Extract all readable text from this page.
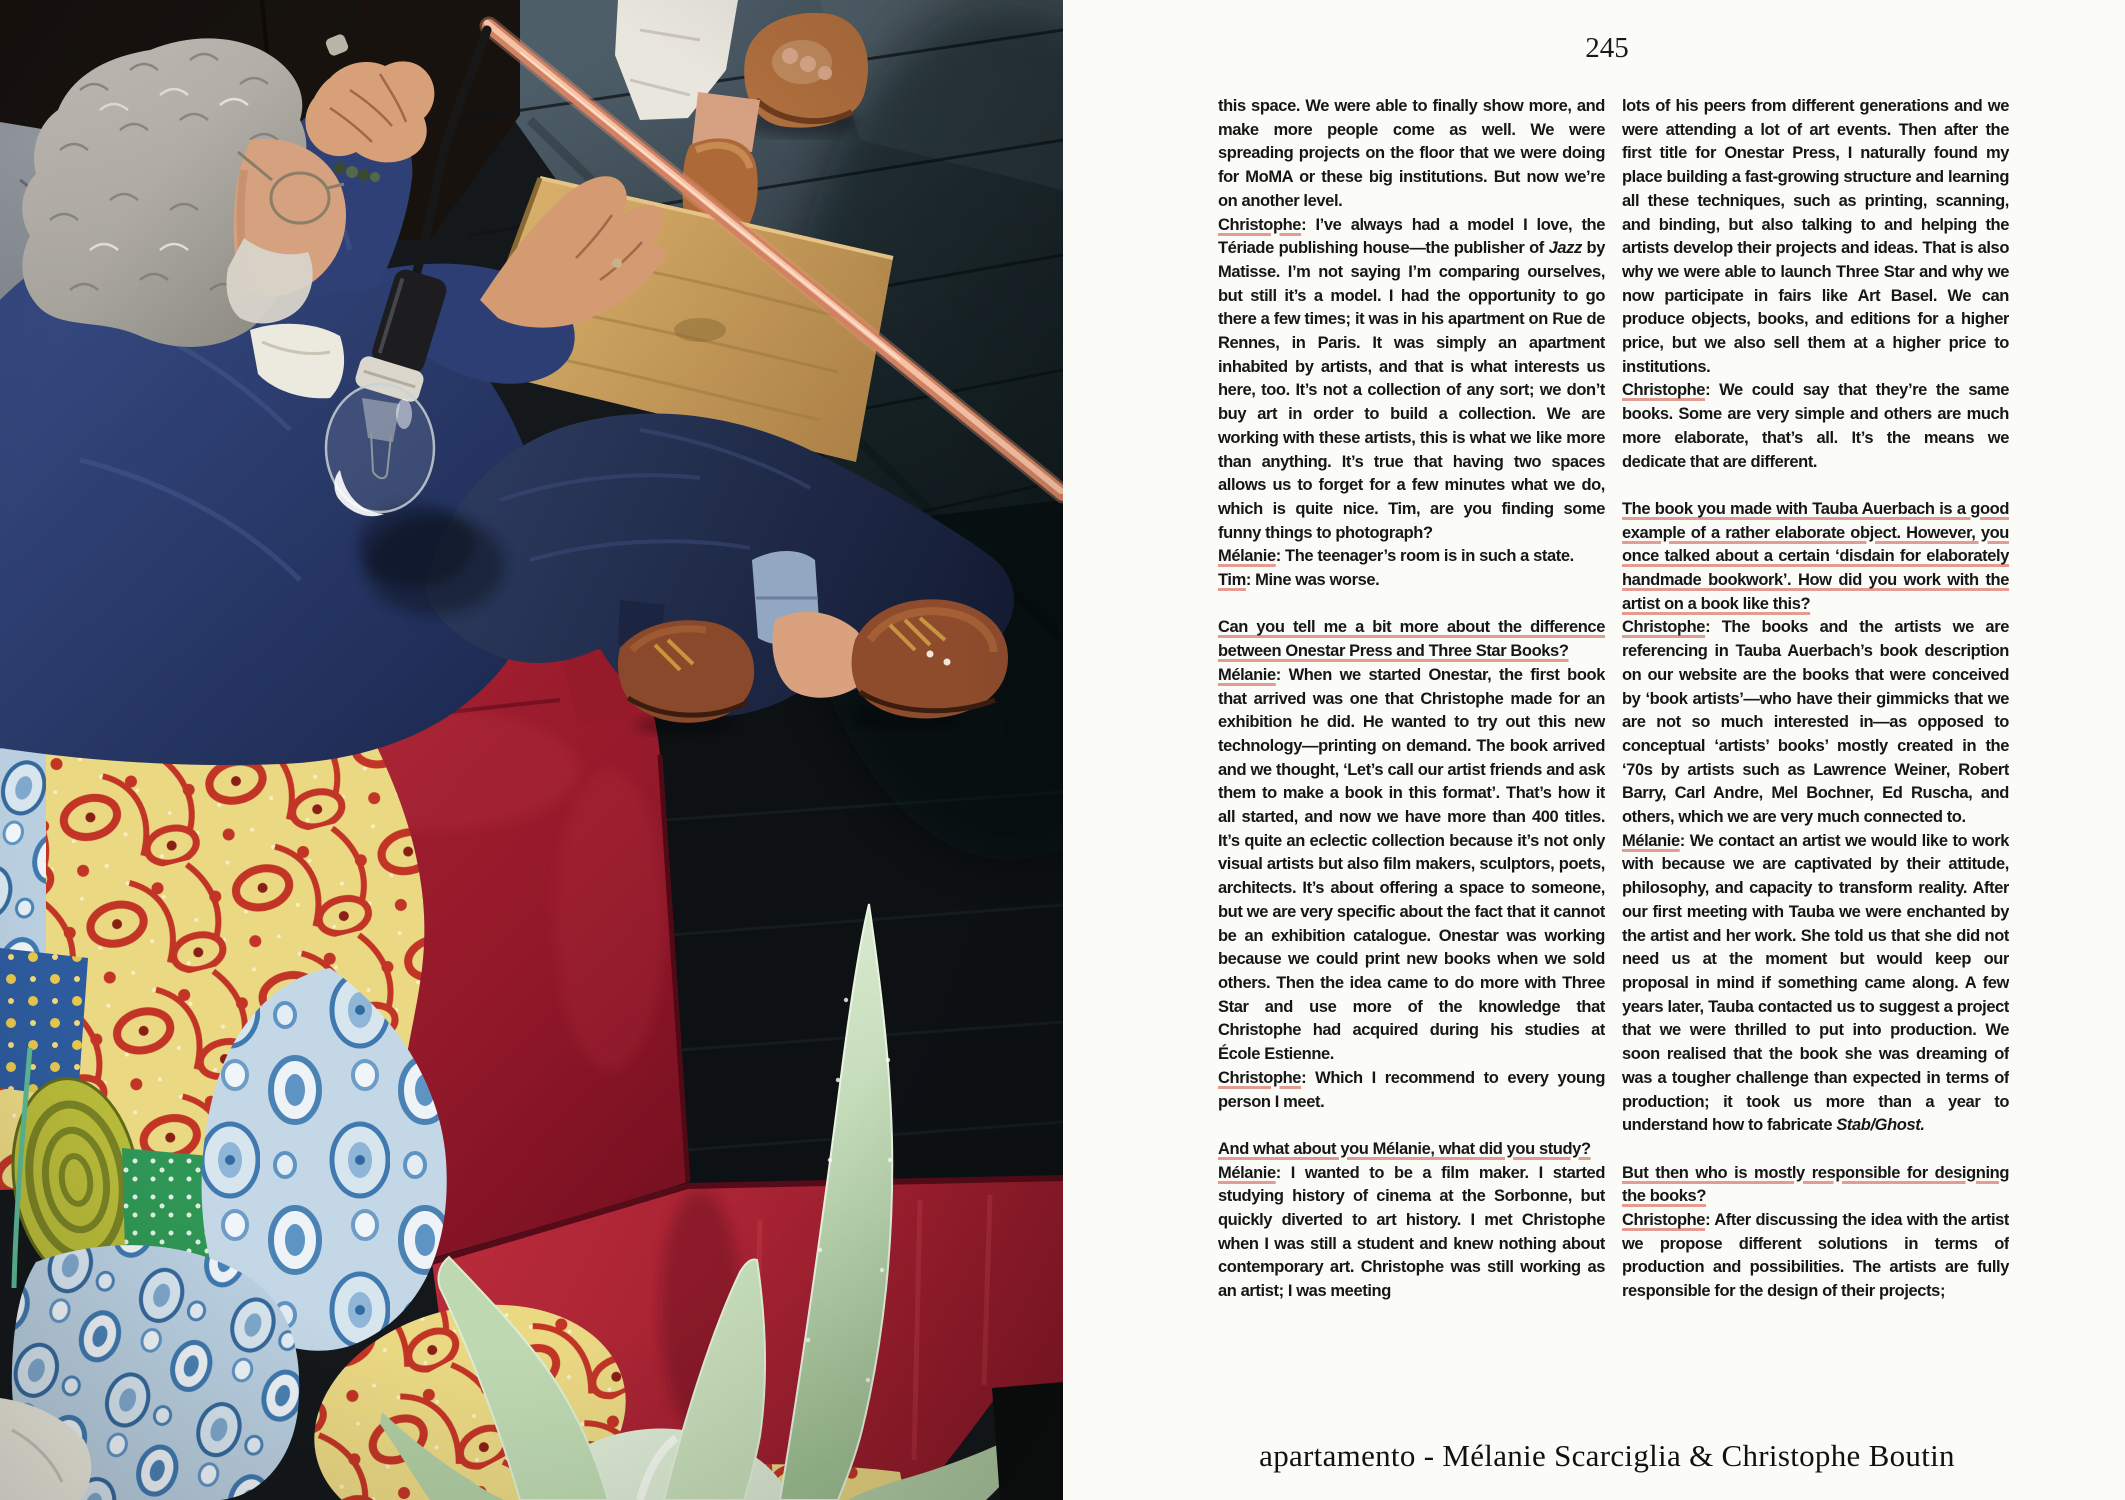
245

this space. We were able to finally show more, and make more people come as well. We were spreading projects on the floor that we were doing for MoMA or these big institutions. But now we’re on another level.

Christophe: I’ve always had a model I love, the Tériade publishing house—the publisher of Jazz by Matisse. I’m not saying I’m comparing ourselves, but still it’s a model. I had the opportunity to go there a few times; it was in his apartment on Rue de Rennes, in Paris. It was simply an apartment inhabited by artists, and that is what interests us here, too. It’s not a collection of any sort; we don’t buy art in order to build a collection. We are working with these artists, this is what we like more than anything. It’s true that having two spaces allows us to forget for a few minutes what we do, which is quite nice. Tim, are you finding some funny things to photograph?

Mélanie: The teenager’s room is in such a state.

Tim: Mine was worse.

Can you tell me a bit more about the difference between Onestar Press and Three Star Books?

Mélanie: When we started Onestar, the first book that arrived was one that Christophe made for an exhibition he did. He wanted to try out this new technology—printing on demand. The book arrived and we thought, ‘Let’s call our artist friends and ask them to make a book in this format’. That’s how it all started, and now we have more than 400 titles. It’s quite an eclectic collection because it’s not only visual artists but also film makers, sculptors, poets, architects. It’s about offering a space to someone, but we are very specific about the fact that it cannot be an exhibition catalogue. Onestar was working because we could print new books when we sold others. Then the idea came to do more with Three Star and use more of the knowledge that Christophe had acquired during his studies at École Estienne.

Christophe: Which I recommend to every young person I meet.

And what about you Mélanie, what did you study?

Mélanie: I wanted to be a film maker. I started studying history of cinema at the Sorbonne, but quickly diverted to art history. I met Christophe when I was still a student and knew nothing about contemporary art. Christophe was still working as an artist; I was meeting

lots of his peers from different generations and we were attending a lot of art events. Then after the first title for Onestar Press, I naturally found my place building a fast-growing structure and learning all these techniques, such as printing, scanning, and binding, but also talking to and helping the artists develop their projects and ideas. That is also why we were able to launch Three Star and why we now participate in fairs like Art Basel. We can produce objects, books, and editions for a higher price, but we also sell them at a higher price to institutions.

Christophe: We could say that they’re the same books. Some are very simple and others are much more elaborate, that’s all. It’s the means we dedicate that are different.

The book you made with Tauba Auerbach is a good example of a rather elaborate object. However, you once talked about a certain ‘disdain for elaborately handmade bookwork’. How did you work with the artist on a book like this?

Christophe: The books and the artists we are referencing in Tauba Auerbach’s book description on our website are the books that were conceived by ‘book artists’—who have their gimmicks that we are not so much interested in—as opposed to conceptual ‘artists’ books’ mostly created in the ‘70s by artists such as Lawrence Weiner, Robert Barry, Carl Andre, Mel Bochner, Ed Ruscha, and others, which we are very much connected to.

Mélanie: We contact an artist we would like to work with because we are captivated by their attitude, philosophy, and capacity to transform reality. After our first meeting with Tauba we were enchanted by the artist and her work. She told us that she did not need us at the moment but would keep our proposal in mind if something came along. A few years later, Tauba contacted us to suggest a project that we were thrilled to put into production. We soon realised that the book she was dreaming of was a tougher challenge than expected in terms of production; it took us more than a year to understand how to fabricate Stab/Ghost.

But then who is mostly responsible for designing the books?

Christophe: After discussing the idea with the artist we propose different solutions in terms of production and possibilities. The artists are fully responsible for the design of their projects;

apartamento - Mélanie Scarciglia & Christophe Boutin
